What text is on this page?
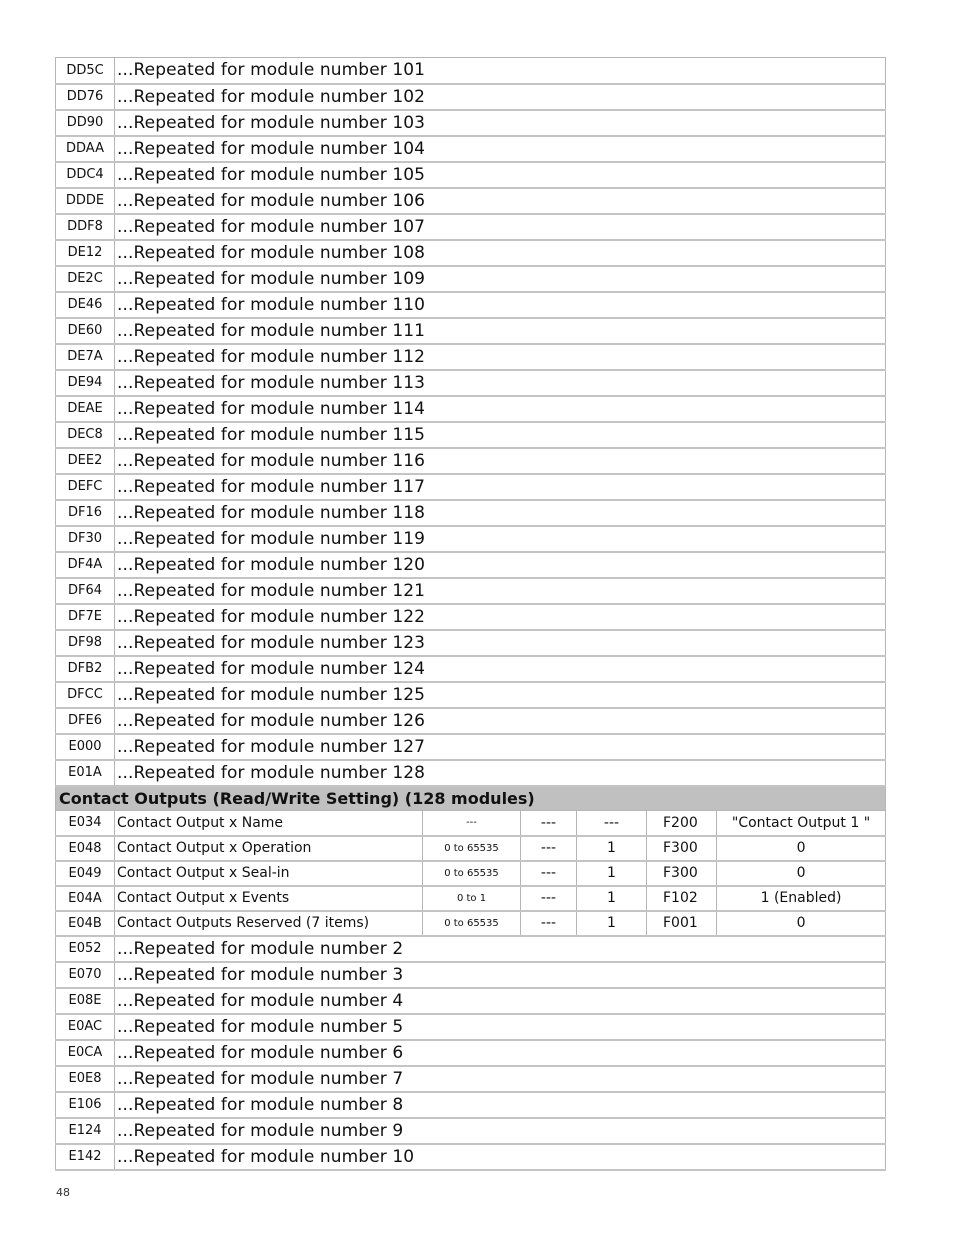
DD5C	...Repeated for module number 101					
DD76	...Repeated for module number 102					
DD90	...Repeated for module number 103					
DDAA	...Repeated for module number 104					
DDC4	...Repeated for module number 105					
DDDE	...Repeated for module number 106					
DDF8	...Repeated for module number 107					
DE12	...Repeated for module number 108					
DE2C	...Repeated for module number 109					
DE46	...Repeated for module number 110					
DE60	...Repeated for module number 111					
DE7A	...Repeated for module number 112					
DE94	...Repeated for module number 113					
DEAE	...Repeated for module number 114					
DEC8	...Repeated for module number 115					
DEE2	...Repeated for module number 116					
DEFC	...Repeated for module number 117					
DF16	...Repeated for module number 118					
DF30	...Repeated for module number 119					
DF4A	...Repeated for module number 120					
DF64	...Repeated for module number 121					
DF7E	...Repeated for module number 122					
DF98	...Repeated for module number 123					
DFB2	...Repeated for module number 124					
DFCC	...Repeated for module number 125					
DFE6	...Repeated for module number 126					
E000	...Repeated for module number 127					
E01A	...Repeated for module number 128					
Contact Outputs (Read/Write Setting) (128 modules)						
E034	Contact Output x Name	---	---	---	F200	"Contact Output 1 "
E048	Contact Output x Operation	0 to 65535	---	1	F300	0
E049	Contact Output x Seal-in	0 to 65535	---	1	F300	0
E04A	Contact Output x Events	0 to 1	---	1	F102	1 (Enabled)
E04B	Contact Outputs Reserved (7 items)	0 to 65535	---	1	F001	0
E052	...Repeated for module number 2					
E070	...Repeated for module number 3					
E08E	...Repeated for module number 4					
E0AC	...Repeated for module number 5					
E0CA	...Repeated for module number 6					
E0E8	...Repeated for module number 7					
E106	...Repeated for module number 8					
E124	...Repeated for module number 9					
E142	...Repeated for module number 10					
48
